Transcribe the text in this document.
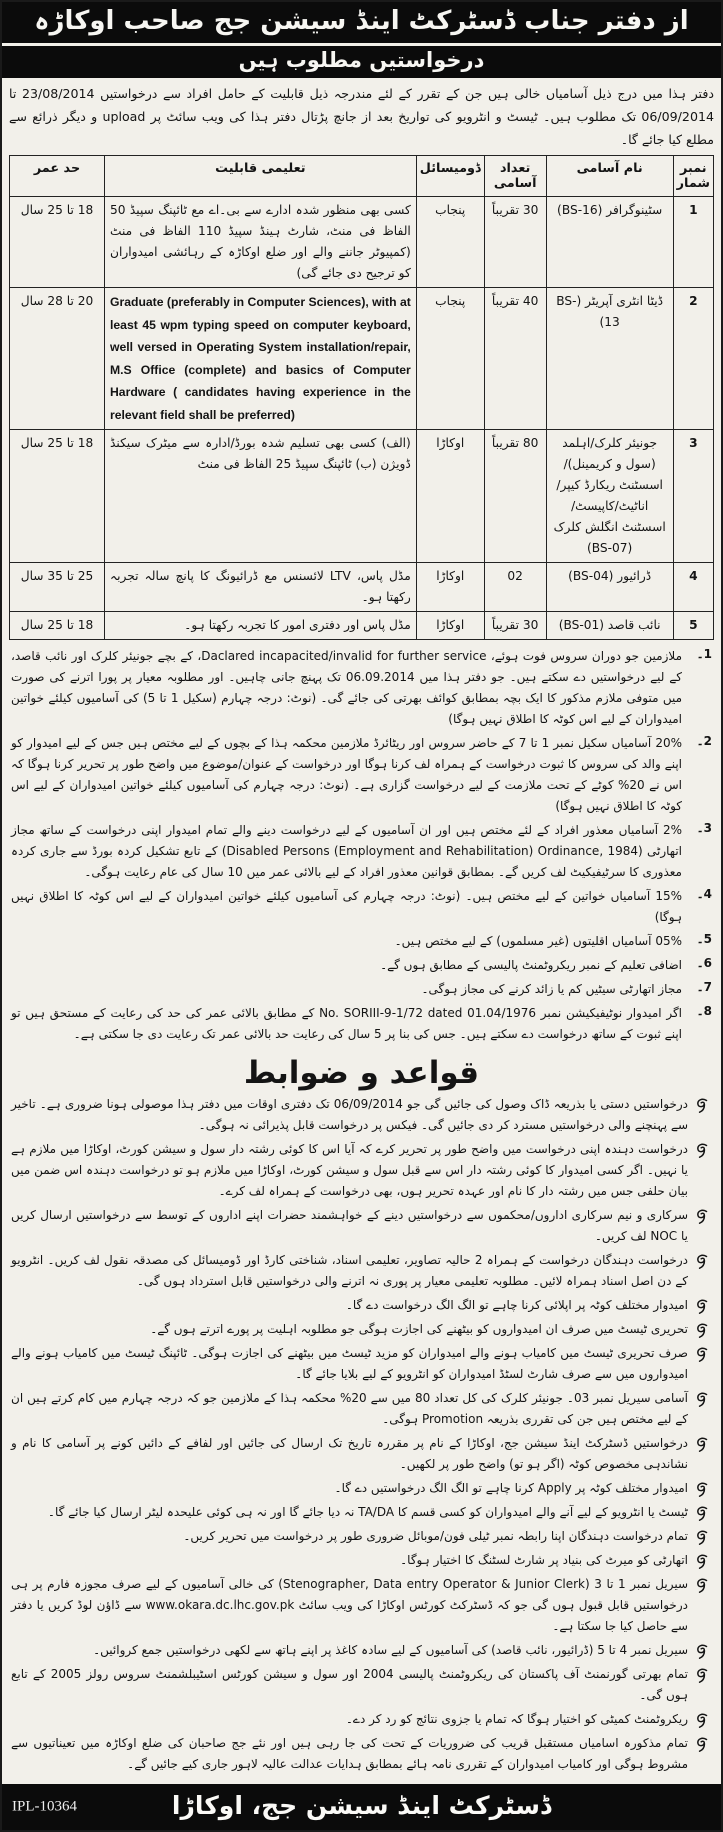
از دفتر جناب ڈسٹرکٹ اینڈ سیشن جج صاحب اوکاڑہ
درخواستیں مطلوب ہیں

دفتر ہذا میں درج ذیل آسامیاں خالی ہیں جن کے تقرر کے لئے مندرجہ ذیل قابلیت کے حامل افراد سے درخواستیں 23/08/2014 تا 06/09/2014 تک مطلوب ہیں۔ ٹیسٹ و انٹرویو کی تواریخ بعد از جانچ پڑتال دفتر ہذا کی ویب سائٹ پر upload و دیگر ذرائع سے مطلع کیا جائے گا۔

نمبر شمار	نام آسامی	تعداد آسامی	ڈومیسائل	تعلیمی قابلیت	حد عمر
1	سٹینوگرافر (BS-16)	30 تقریباً	پنجاب	کسی بھی منظور شدہ ادارے سے بی۔اے مع ٹائپنگ سپیڈ 50 الفاظ فی منٹ، شارٹ ہینڈ سپیڈ 110 الفاظ فی منٹ (کمپیوٹر جاننے والے اور ضلع اوکاڑہ کے رہائشی امیدواران کو ترجیح دی جائے گی)	18 تا 25 سال
2	ڈیٹا انٹری آپریٹر (BS-13)	40 تقریباً	پنجاب	Graduate (preferably in Computer Sciences), with at least 45 wpm typing speed on computer keyboard, well versed in Operating System installation/repair, M.S Office (complete) and basics of Computer Hardware ( candidates having experience in the relevant field shall be preferred)	20 تا 28 سال
3	جونیئر کلرک/اہلمد (سول و کریمینل)/اسسٹنٹ ریکارڈ کیپر/اناٹیٹ/کاپیسٹ/اسسٹنٹ انگلش کلرک (BS-07)	80 تقریباً	اوکاڑا	(الف) کسی بھی تسلیم شدہ بورڈ/ادارہ سے میٹرک سیکنڈ ڈویژن (ب) ٹائپنگ سپیڈ 25 الفاظ فی منٹ	18 تا 25 سال
4	ڈرائیور (BS-04)	02	اوکاڑا	مڈل پاس، LTV لائسنس مع ڈرائیونگ کا پانچ سالہ تجربہ رکھتا ہو۔	25 تا 35 سال
5	نائب قاصد (BS-01)	30 تقریباً	اوکاڑا	مڈل پاس اور دفتری امور کا تجربہ رکھتا ہو۔	18 تا 25 سال
1۔

ملازمین جو دوران سروس فوت ہوئے، Daclared incapacited/invalid for further service، کے بچے جونیئر کلرک اور نائب قاصد، کے لیے درخواستیں دے سکتے ہیں۔ جو دفتر ہذا میں 06.09.2014 تک پہنچ جانی چاہیں۔ اور مطلوبہ معیار پر پورا اترنے کی صورت میں متوفی ملازم مذکور کا ایک بچہ بمطابق کوائف بھرتی کی جائے گی۔ (نوٹ: درجہ چہارم (سکیل 1 تا 5) کی آسامیوں کیلئے خواتین امیدواران کے لیے اس کوٹہ کا اطلاق نہیں ہوگا)

2۔

20% آسامیاں سکیل نمبر 1 تا 7 کے حاضر سروس اور ریٹائرڈ ملازمین محکمہ ہذا کے بچوں کے لیے مختص ہیں جس کے لیے امیدوار کو اپنے والد کی سروس کا ثبوت درخواست کے ہمراہ لف کرنا ہوگا اور درخواست کے عنوان/موضوع میں واضح طور پر تحریر کرنا ہوگا کہ اس نے 20% کوٹے کے تحت ملازمت کے لیے درخواست گزاری ہے۔ (نوٹ: درجہ چہارم کی آسامیوں کیلئے خواتین امیدواران کے لیے اس کوٹہ کا اطلاق نہیں ہوگا)

3۔

2% آسامیاں معذور افراد کے لئے مختص ہیں اور ان آسامیوں کے لیے درخواست دینے والے تمام امیدوار اپنی درخواست کے ساتھ مجاز اتھارٹی (Disabled Persons (Employment and Rehabilitation) Ordinance, 1984) کے تابع تشکیل کردہ بورڈ سے جاری کردہ معذوری کا سرٹیفیکیٹ لف کریں گے۔ بمطابق قوانین معذور افراد کے لیے بالائی عمر میں 10 سال کی عام رعایت ہوگی۔

4۔

15% آسامیاں خواتین کے لیے مختص ہیں۔ (نوٹ: درجہ چہارم کی آسامیوں کیلئے خواتین امیدواران کے لیے اس کوٹہ کا اطلاق نہیں ہوگا)

5۔

05% آسامیاں اقلیتوں (غیر مسلموں) کے لیے مختص ہیں۔

6۔

اضافی تعلیم کے نمبر ریکروٹمنٹ پالیسی کے مطابق ہوں گے۔

7۔

مجاز اتھارٹی سیٹیں کم یا زائد کرنے کی مجاز ہوگی۔

8۔

اگر امیدوار نوٹیفیکیشن نمبر No. SORIII-9-1/72 dated 01.04/1976 کے مطابق بالائی عمر کی حد کی رعایت کے مستحق ہیں تو اپنے ثبوت کے ساتھ درخواست دے سکتے ہیں۔ جس کی بنا پر 5 سال کی رعایت حد بالائی عمر تک رعایت دی جا سکتی ہے۔

قواعد و ضوابط

درخواستیں دستی یا بذریعہ ڈاک وصول کی جائیں گی جو 06/09/2014 تک دفتری اوقات میں دفتر ہذا موصولی ہونا ضروری ہے۔ تاخیر سے پہنچنے والی درخواستیں مسترد کر دی جائیں گی۔ فیکس پر درخواست قابل پذیرائی نہ ہوگی۔

درخواست دہندہ اپنی درخواست میں واضح طور پر تحریر کرے کہ آیا اس کا کوئی رشتہ دار سول و سیشن کورٹ، اوکاڑا میں ملازم ہے یا نہیں۔ اگر کسی امیدوار کا کوئی رشتہ دار اس سے قبل سول و سیشن کورٹ، اوکاڑا میں ملازم ہو تو درخواست دہندہ اس ضمن میں بیان حلفی جس میں رشتہ دار کا نام اور عہدہ تحریر ہوں، بھی درخواست کے ہمراہ لف کرے۔

سرکاری و نیم سرکاری اداروں/محکموں سے درخواستیں دینے کے خواہشمند حضرات اپنے اداروں کے توسط سے درخواستیں ارسال کریں یا NOC لف کریں۔

درخواست دہندگان درخواست کے ہمراہ 2 حالیہ تصاویر، تعلیمی اسناد، شناختی کارڈ اور ڈومیسائل کی مصدقہ نقول لف کریں۔ انٹرویو کے دن اصل اسناد ہمراہ لائیں۔ مطلوبہ تعلیمی معیار پر پوری نہ اترنے والی درخواستیں قابل استرداد ہوں گی۔

امیدوار مختلف کوٹہ پر اپلائی کرنا چاہے تو الگ الگ درخواست دے گا۔

تحریری ٹیسٹ میں صرف ان امیدواروں کو بیٹھنے کی اجازت ہوگی جو مطلوبہ اہلیت پر پورے اترتے ہوں گے۔

صرف تحریری ٹیسٹ میں کامیاب ہونے والے امیدواران کو مزید ٹیسٹ میں بیٹھنے کی اجازت ہوگی۔ ٹائپنگ ٹیسٹ میں کامیاب ہونے والے امیدواروں میں سے صرف شارٹ لسٹڈ امیدواران کو انٹرویو کے لیے بلایا جائے گا۔

آسامی سیریل نمبر 03۔ جونیئر کلرک کی کل تعداد 80 میں سے 20% محکمہ ہذا کے ملازمین جو کہ درجہ چہارم میں کام کرتے ہیں ان کے لیے مختص ہیں جن کی تقرری بذریعہ Promotion ہوگی۔

درخواستیں ڈسٹرکٹ اینڈ سیشن جج، اوکاڑا کے نام پر مقررہ تاریخ تک ارسال کی جائیں اور لفافے کے دائیں کونے پر آسامی کا نام و نشاندہی مخصوص کوٹہ (اگر ہو تو) واضح طور پر لکھیں۔

امیدوار مختلف کوٹہ پر Apply کرنا چاہے تو الگ الگ درخواستیں دے گا۔

ٹیسٹ یا انٹرویو کے لیے آنے والے امیدواران کو کسی قسم کا TA/DA نہ دیا جائے گا اور نہ ہی کوئی علیحدہ لیٹر ارسال کیا جائے گا۔

تمام درخواست دہندگان اپنا رابطہ نمبر ٹیلی فون/موبائل ضروری طور پر درخواست میں تحریر کریں۔

اتھارٹی کو میرٹ کی بنیاد پر شارٹ لسٹنگ کا اختیار ہوگا۔

سیریل نمبر 1 تا 3 (Stenographer, Data entry Operator & Junior Clerk) کی خالی آسامیوں کے لیے صرف مجوزہ فارم پر ہی درخواستیں قابل قبول ہوں گی جو کہ ڈسٹرکٹ کورٹس اوکاڑا کی ویب سائٹ www.okara.dc.lhc.gov.pk سے ڈاؤن لوڈ کریں یا دفتر سے حاصل کیا جا سکتا ہے۔

سیریل نمبر 4 تا 5 (ڈرائیور، نائب قاصد) کی آسامیوں کے لیے سادہ کاغذ پر اپنے ہاتھ سے لکھی درخواستیں جمع کروائیں۔

تمام بھرتی گورنمنٹ آف پاکستان کی ریکروٹمنٹ پالیسی 2004 اور سول و سیشن کورٹس اسٹیبلشمنٹ سروس رولز 2005 کے تابع ہوں گی۔

ریکروٹمنٹ کمیٹی کو اختیار ہوگا کہ تمام یا جزوی نتائج کو رد کر دے۔

تمام مذکورہ اسامیاں مستقبل قریب کی ضروریات کے تحت کی جا رہی ہیں اور نئے جج صاحبان کی ضلع اوکاڑہ میں تعیناتیوں سے مشروط ہوگی اور کامیاب امیدواران کے تقرری نامہ ہائے بمطابق ہدایات عدالت عالیہ لاہور جاری کیے جائیں گے۔

IPL-10364	ڈسٹرکٹ اینڈ سیشن جج، اوکاڑا
